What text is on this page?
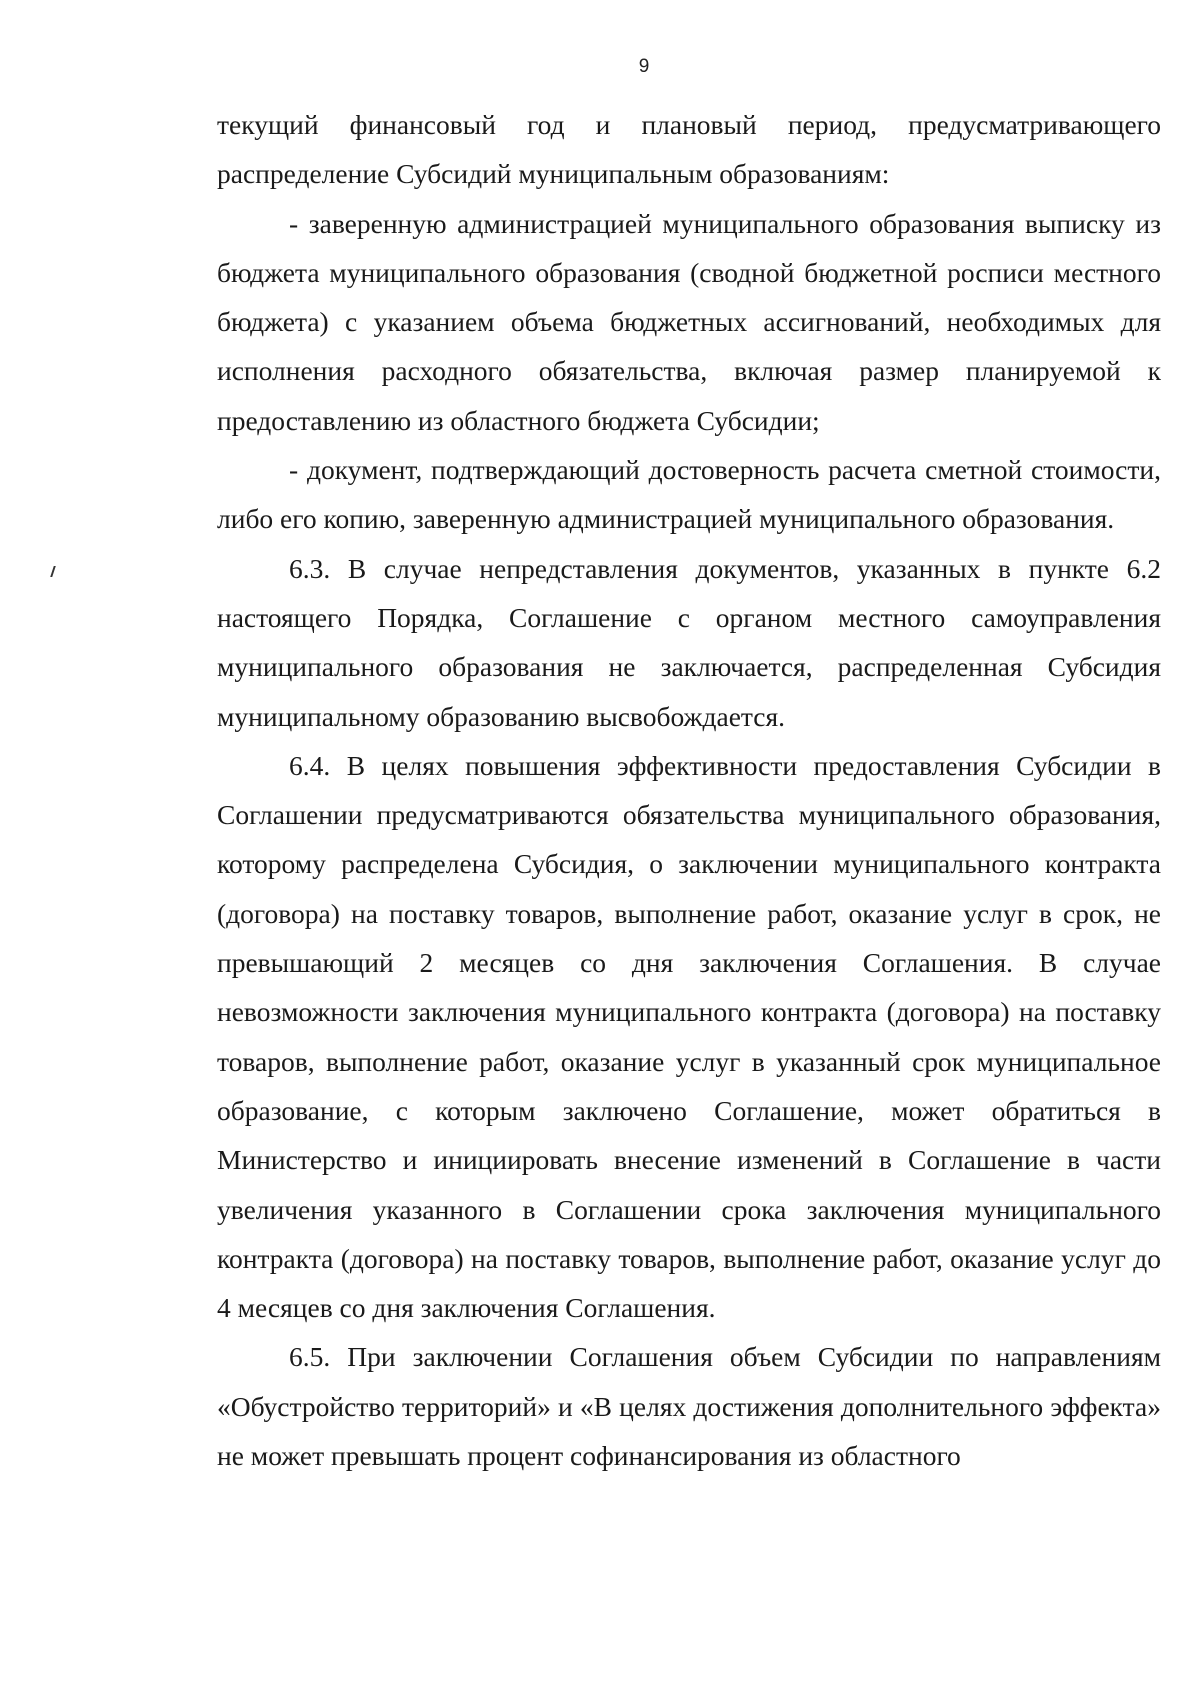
9

текущий финансовый год и плановый период, предусматривающего распределение Субсидий муниципальным образованиям:

- заверенную администрацией муниципального образования выписку из бюджета муниципального образования (сводной бюджетной росписи местного бюджета) с указанием объема бюджетных ассигнований, необходимых для исполнения расходного обязательства, включая размер планируемой к предоставлению из областного бюджета Субсидии;

- документ, подтверждающий достоверность расчета сметной стоимости, либо его копию, заверенную администрацией муниципального образования.

6.3. В случае непредставления документов, указанных в пункте 6.2 настоящего Порядка, Соглашение с органом местного самоуправления муниципального образования не заключается, распределенная Субсидия муниципальному образованию высвобождается.

6.4. В целях повышения эффективности предоставления Субсидии в Соглашении предусматриваются обязательства муниципального образования, которому распределена Субсидия, о заключении муниципального контракта (договора) на поставку товаров, выполнение работ, оказание услуг в срок, не превышающий 2 месяцев со дня заключения Соглашения. В случае невозможности заключения муниципального контракта (договора) на поставку товаров, выполнение работ, оказание услуг в указанный срок муниципальное образование, с которым заключено Соглашение, может обратиться в Министерство и инициировать внесение изменений в Соглашение в части увеличения указанного в Соглашении срока заключения муниципального контракта (договора) на поставку товаров, выполнение работ, оказание услуг до 4 месяцев со дня заключения Соглашения.

6.5. При заключении Соглашения объем Субсидии по направлениям «Обустройство территорий» и «В целях достижения дополнительного эффекта» не может превышать процент софинансирования из областного
